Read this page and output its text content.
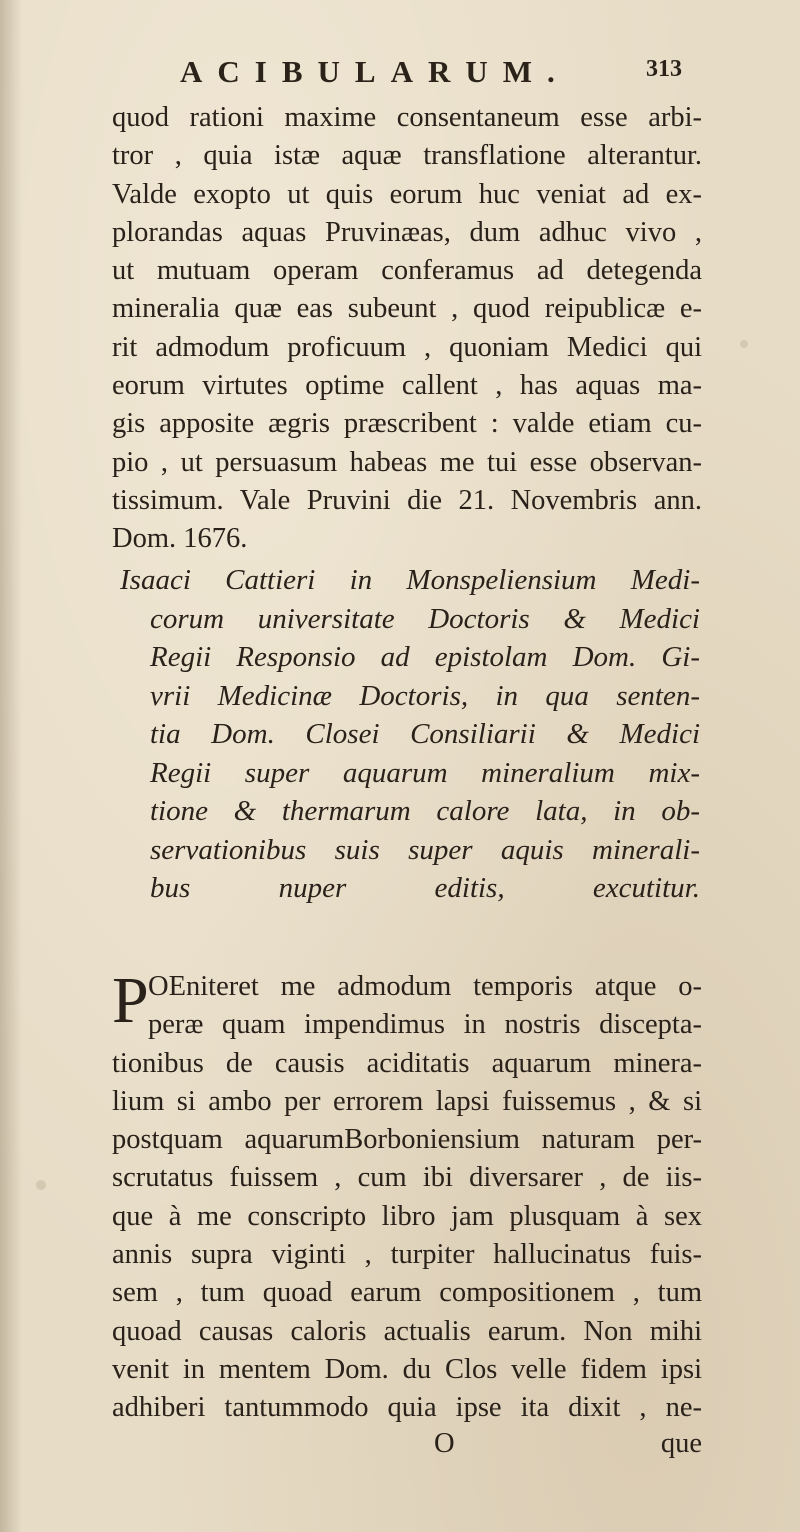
ACIBULARUM.	313
quod rationi maxime consentaneum esse arbi-
tror , quia istæ aquæ transflatione alterantur.
Valde exopto ut quis eorum huc veniat ad ex-
plorandas aquas Pruvinæas, dum adhuc vivo ,
ut mutuam operam conferamus ad detegenda
mineralia quæ eas subeunt , quod reipublicæ e-
rit admodum proficuum , quoniam Medici qui
eorum virtutes optime callent , has aquas ma-
gis apposite ægris præscribent : valde etiam cu-
pio , ut persuasum habeas me tui esse observan-
tissimum. Vale Pruvini die 21. Novembris ann.
Dom. 1676.
Isaaci Cattieri in Monspeliensium Medi-
corum universitate Doctoris & Medici
Regii Responsio ad epistolam Dom. Gi-
vrii Medicinæ Doctoris, in qua senten-
tia Dom. Closei Consiliarii & Medici
Regii super aquarum mineralium mix-
tione & thermarum calore lata, in ob-
servationibus suis super aquis minerali-
bus nuper editis, excutitur.
P OEniteret me admodum temporis atque o-
peræ quam impendimus in nostris discepta-
tionibus de causis aciditatis aquarum minera-
lium si ambo per errorem lapsi fuissemus , & si
postquam aquarumBorboniensium naturam per-
scrutatus fuissem , cum ibi diversarer , de iis-
que à me conscripto libro jam plusquam à sex
annis supra viginti , turpiter hallucinatus fuis-
sem , tum quoad earum compositionem , tum
quoad causas caloris actualis earum. Non mihi
venit in mentem Dom. du Clos velle fidem ipsi
adhiberi tantummodo quia ipse ita dixit , ne-
O	que
